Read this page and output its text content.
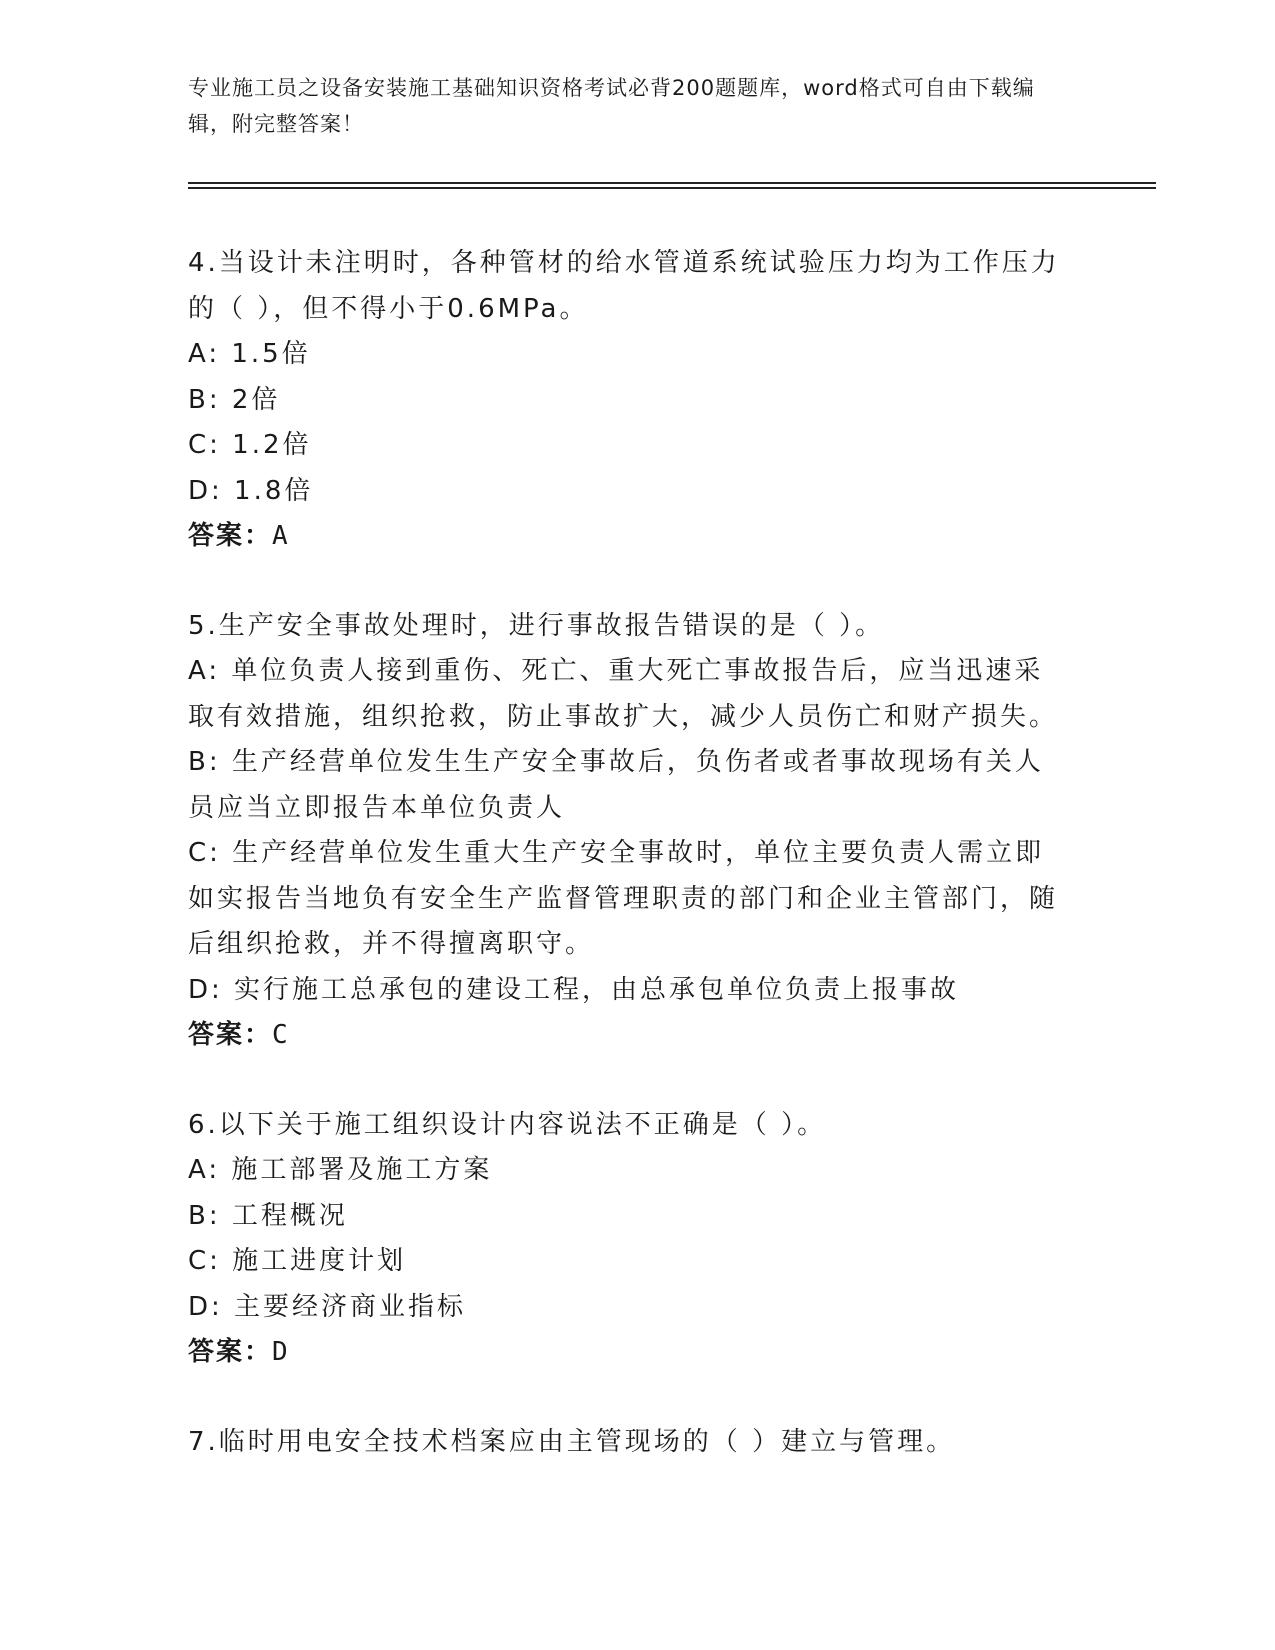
专业施工员之设备安装施工基础知识资格考试必背200题题库，word格式可自由下载编辑，附完整答案！

4.当设计未注明时，各种管材的给水管道系统试验压力均为工作压力的（ ），但不得小于0.6MPa。

A: 1.5倍

B: 2倍

C: 1.2倍

D: 1.8倍

答案：A

5.生产安全事故处理时，进行事故报告错误的是（ ）。

A: 单位负责人接到重伤、死亡、重大死亡事故报告后，应当迅速采取有效措施，组织抢救，防止事故扩大，减少人员伤亡和财产损失。

B: 生产经营单位发生生产安全事故后，负伤者或者事故现场有关人员应当立即报告本单位负责人

C: 生产经营单位发生重大生产安全事故时，单位主要负责人需立即如实报告当地负有安全生产监督管理职责的部门和企业主管部门，随后组织抢救，并不得擅离职守。

D: 实行施工总承包的建设工程，由总承包单位负责上报事故

答案：C

6.以下关于施工组织设计内容说法不正确是（ ）。

A: 施工部署及施工方案

B: 工程概况

C: 施工进度计划

D: 主要经济商业指标

答案：D

7.临时用电安全技术档案应由主管现场的（ ）建立与管理。
